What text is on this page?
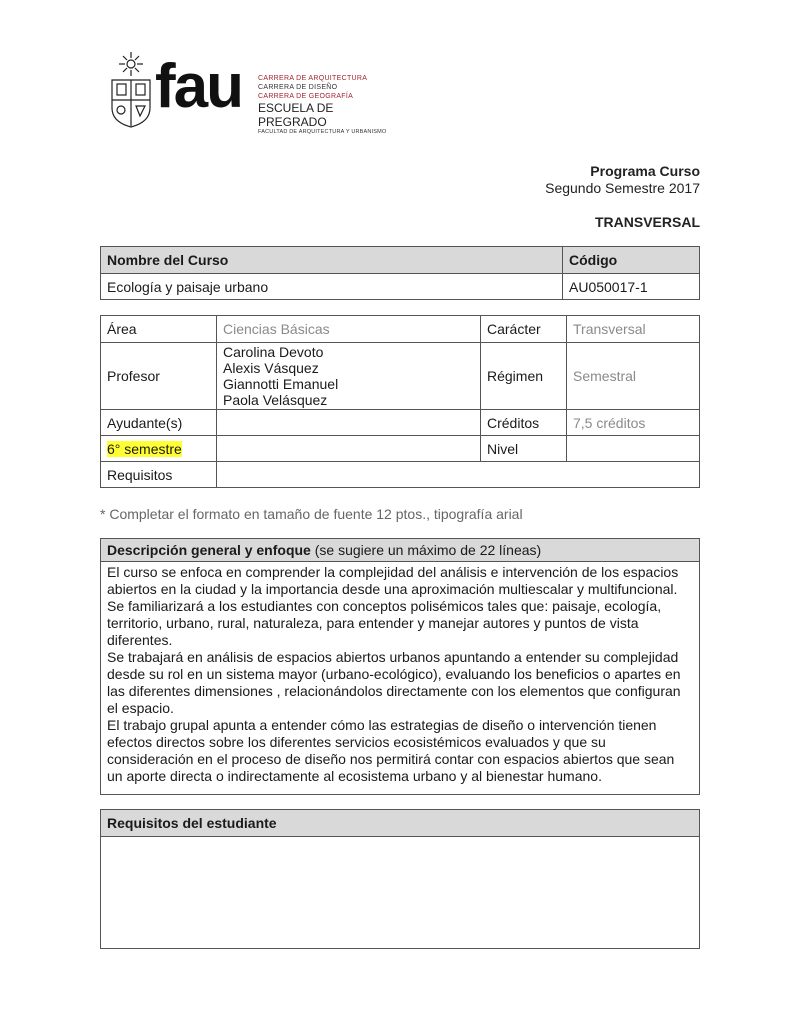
fau CARRERA DE ARQUITECTURA
CARRERA DE DISEÑO
CARRERA DE GEOGRAFÍA
ESCUELA DE PREGRADO
FACULTAD DE ARQUITECTURA Y URBANISMO
Programa Curso
Segundo Semestre 2017
TRANSVERSAL
Nombre del Curso	Código
Ecología y paisaje urbano	AU050017-1
Área	Ciencias Básicas	Carácter	Transversal
Profesor	Carolina Devoto
Alexis Vásquez
Giannotti Emanuel
Paola Velásquez	Régimen	Semestral
Ayudante(s)		Créditos	7,5 créditos
6° semestre		Nivel	
Requisitos			
* Completar el formato en tamaño de fuente 12 ptos., tipografía arial
Descripción general y enfoque (se sugiere un máximo de 22 líneas)

El curso se enfoca en comprender la complejidad del análisis e intervención de los espacios

abiertos en la ciudad y la importancia desde una aproximación multiescalar y multifuncional.

Se familiarizará a los estudiantes con conceptos polisémicos tales que: paisaje, ecología,

territorio, urbano, rural, naturaleza, para entender y manejar autores y puntos de vista

diferentes.

Se trabajará en análisis de espacios abiertos urbanos apuntando a entender su complejidad

desde su rol en un sistema mayor (urbano-ecológico), evaluando los beneficios o apartes en

las diferentes dimensiones , relacionándolos directamente con los elementos que configuran

el espacio.

El trabajo grupal apunta a entender cómo las estrategias de diseño o intervención tienen

efectos directos sobre los diferentes servicios ecosistémicos evaluados y que su

consideración en el proceso de diseño nos permitirá contar con espacios abiertos que sean

un aporte directa o indirectamente al ecosistema urbano y al bienestar humano.

Requisitos del estudiante
